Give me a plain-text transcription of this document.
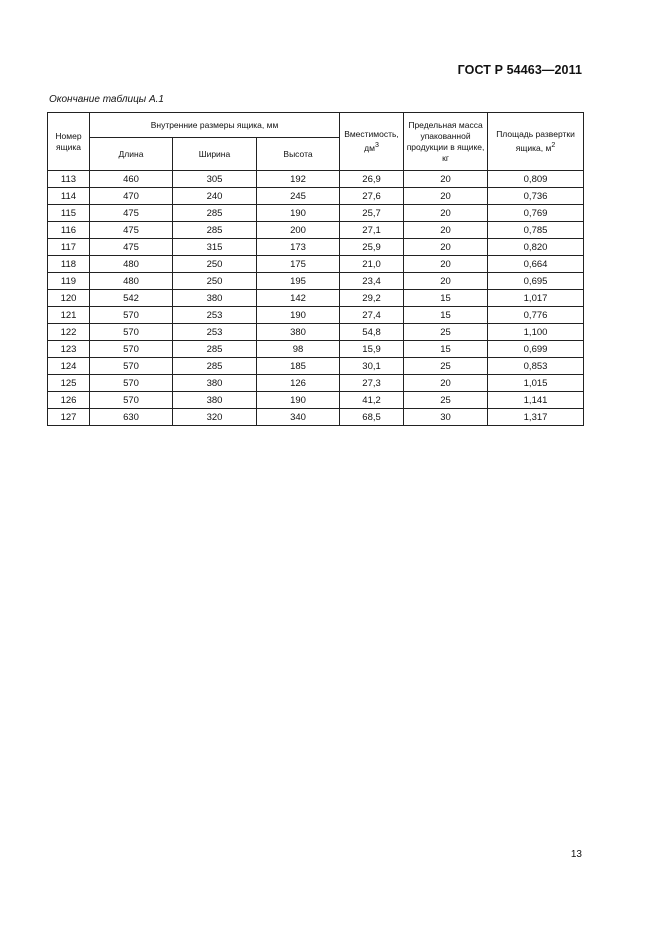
ГОСТ Р 54463—2011
Окончание таблицы А.1
Номер ящика	Внутренние размеры ящика, мм			Вместимость, $дм^3$	Предельная масса упакованной продукции в ящике, кг	Площадь развертки ящика, $м^2$
	Длина	Ширина	Высота			
113	460	305	192	26,9	20	0,809
114	470	240	245	27,6	20	0,736
115	475	285	190	25,7	20	0,769
116	475	285	200	27,1	20	0,785
117	475	315	173	25,9	20	0,820
118	480	250	175	21,0	20	0,664
119	480	250	195	23,4	20	0,695
120	542	380	142	29,2	15	1,017
121	570	253	190	27,4	15	0,776
122	570	253	380	54,8	25	1,100
123	570	285	98	15,9	15	0,699
124	570	285	185	30,1	25	0,853
125	570	380	126	27,3	20	1,015
126	570	380	190	41,2	25	1,141
127	630	320	340	68,5	30	1,317
13
